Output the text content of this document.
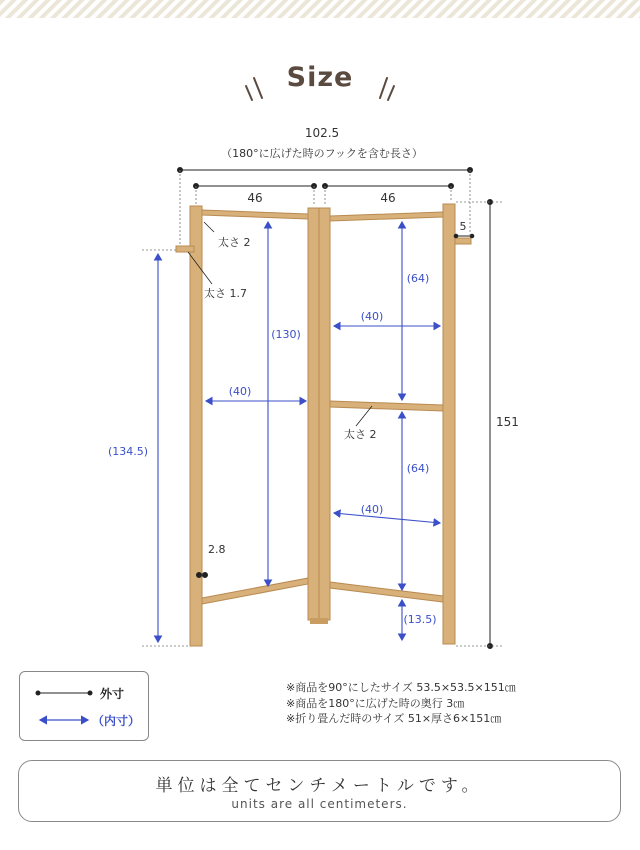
Size
102.5
（180°に広げた時のフックを含む長さ）
46	46
5
151
太さ 2
太さ 1.7
太さ 2
2.8
(134.5)
(130)
(40)
(64)
(40)
(64)
(40)
(13.5)
外寸
（内寸）
※商品を90°にしたサイズ 53.5×53.5×151㎝
※商品を180°に広げた時の奥行 3㎝
※折り畳んだ時のサイズ 51×厚さ6×151㎝
単位は全てセンチメートルです。
units are all centimeters.
